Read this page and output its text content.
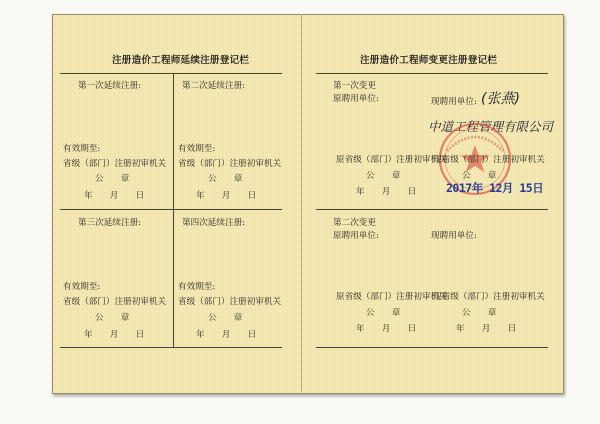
注册造价工程师延续注册登记栏
第一次延续注册:
有效期至:
省级（部门）注册初审机关
公　　章
年　　月　　日
第二次延续注册:
有效期至:
省级（部门）注册初审机关
公　　章
年　　月　　日
第三次延续注册:
有效期至:
省级（部门）注册初审机关
公　　章
年　　月　　日
第四次延续注册:
有效期至:
省级（部门）注册初审机关
公　　章
年　　月　　日
注册造价工程师变更注册登记栏
第一次变更
原聘用单位:	现聘用单位: (张燕)
中道工程管理有限公司
原省级（部门）注册初审机关
公　　章
年　　月　　日
现省级（部门）注册初审机关
公　　章
2017年 12月 15日
第二次变更
原聘用单位:	现聘用单位:
原省级（部门）注册初审机关
公　　章
年　　月　　日
现省级（部门）注册初审机关
公　　章
年　　月　　日
